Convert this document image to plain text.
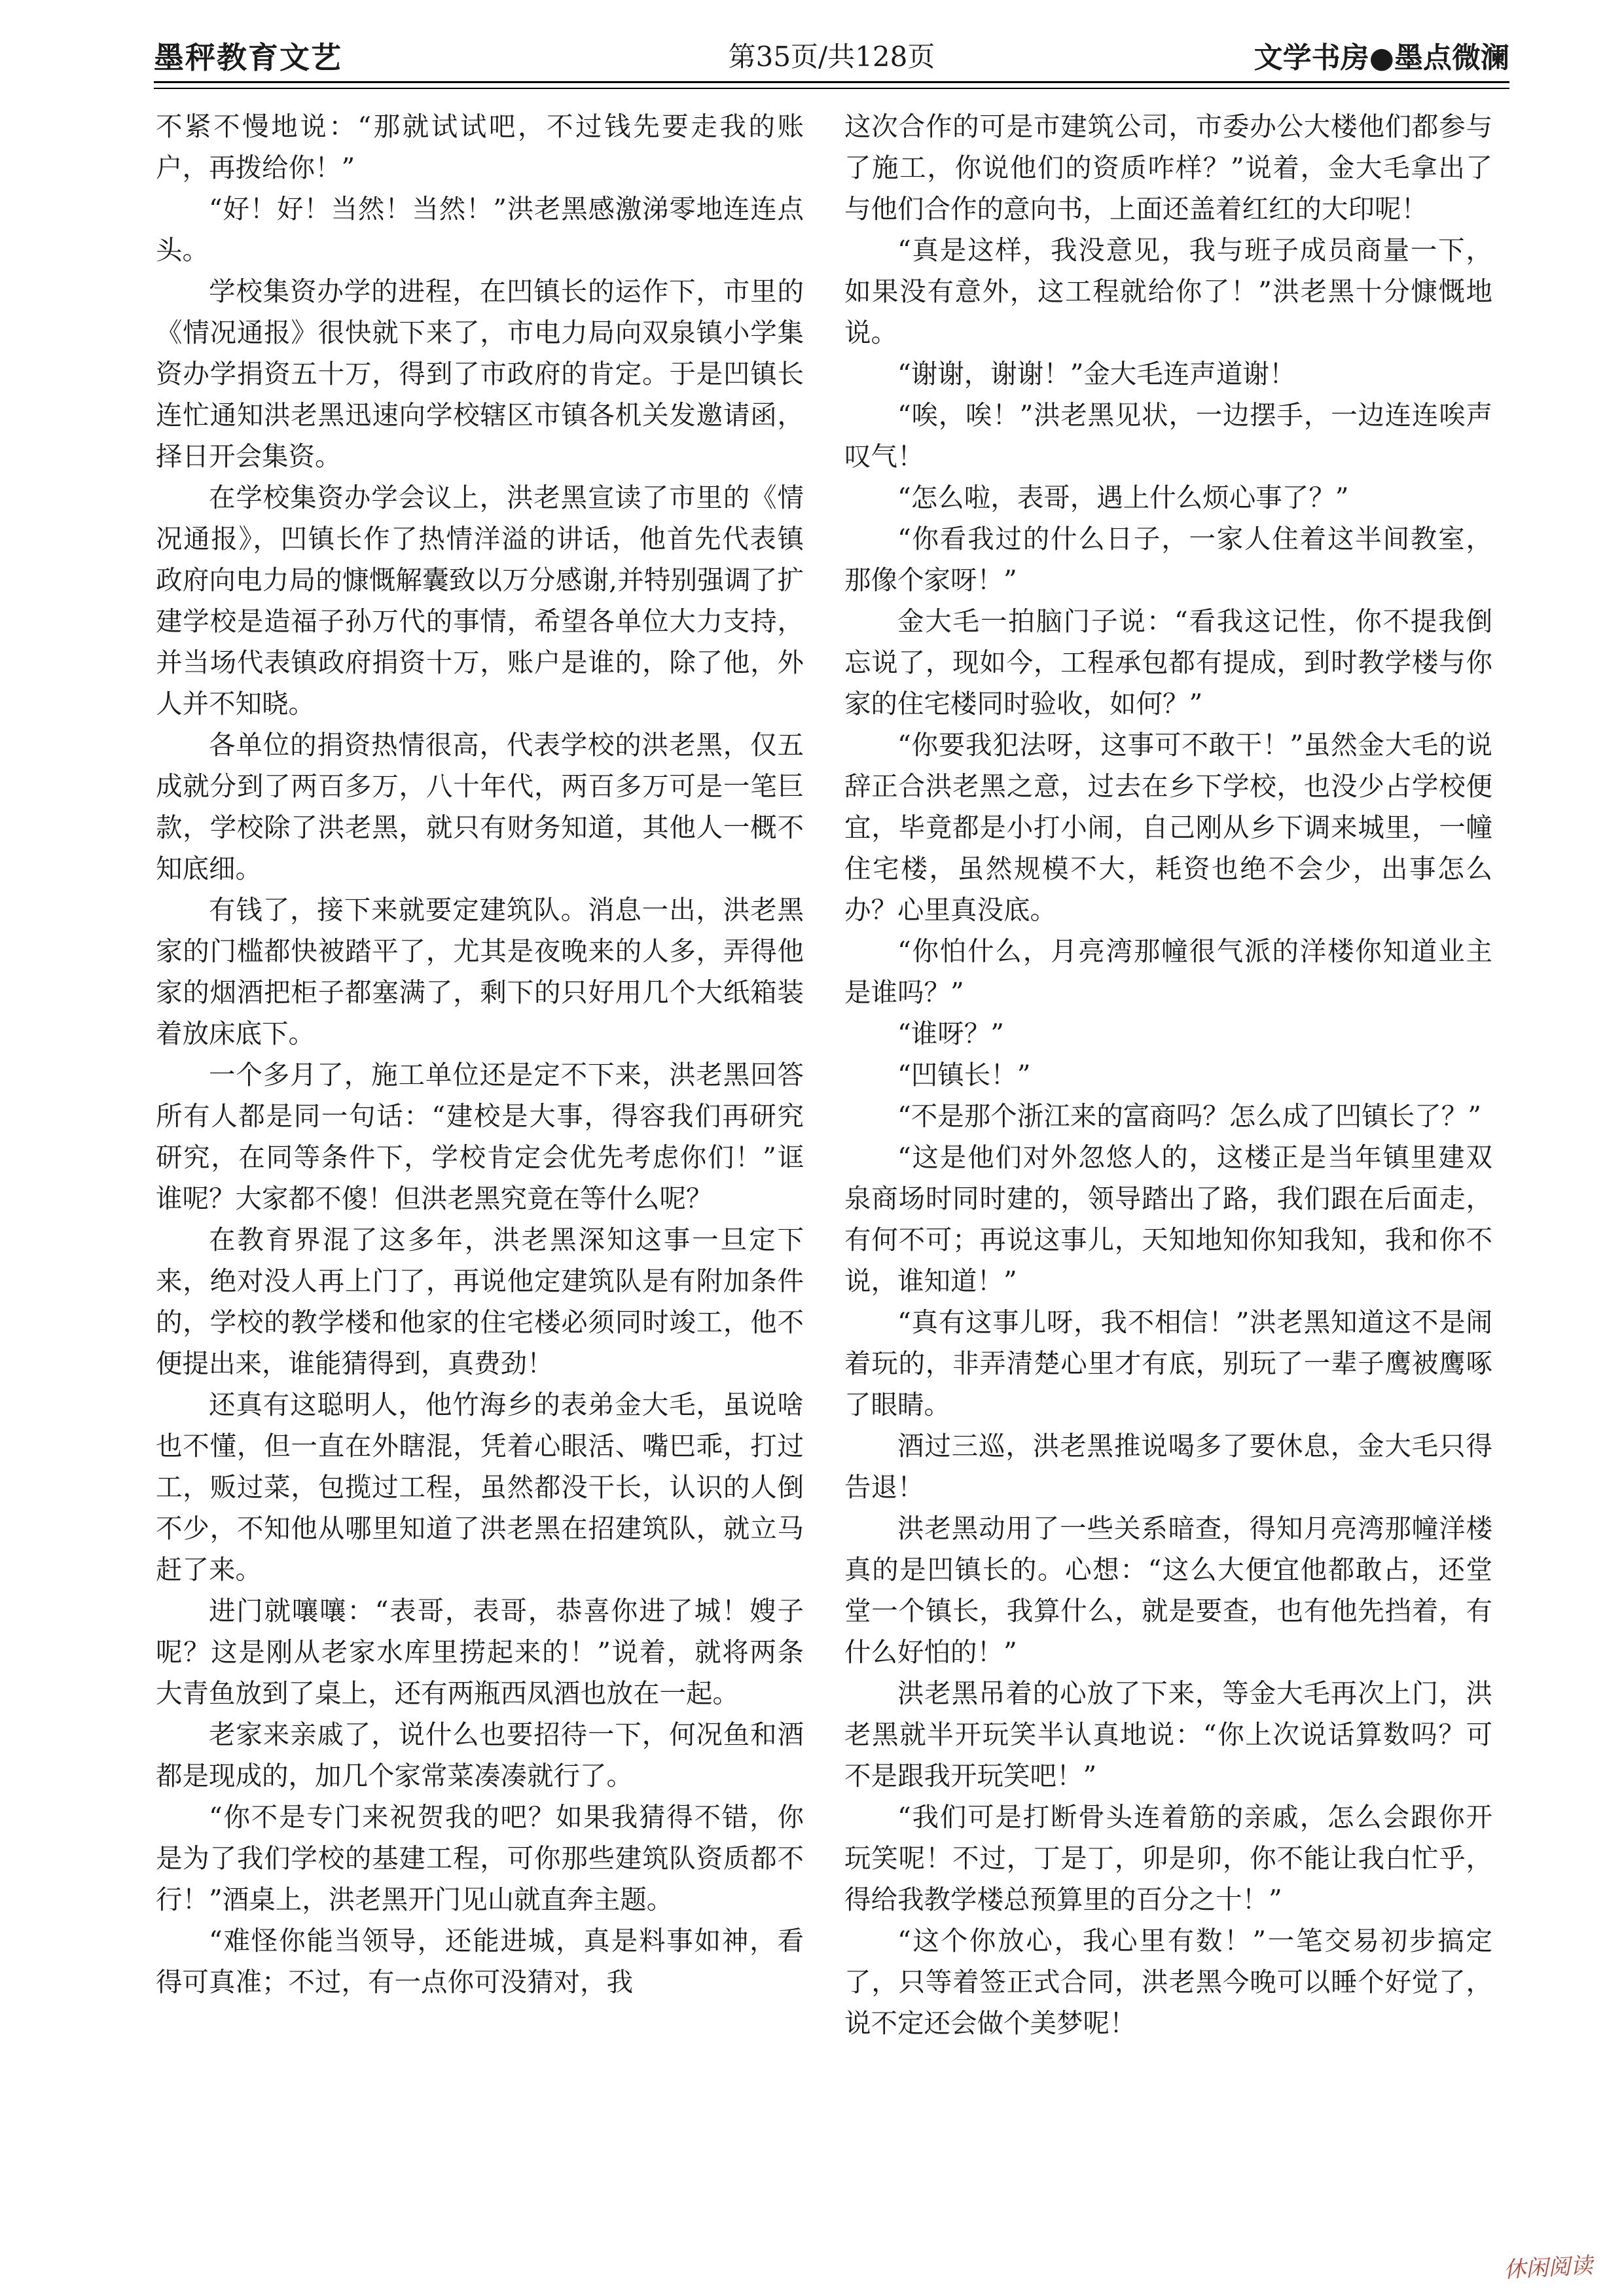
墨秤教育文艺	第35页/共128页	文学书房●墨点微澜

不紧不慢地说：“那就试试吧，不过钱先要走我的账户，再拨给你！”

“好！好！当然！当然！”洪老黑感激涕零地连连点头。

学校集资办学的进程，在凹镇长的运作下，市里的《情况通报》很快就下来了，市电力局向双泉镇小学集资办学捐资五十万，得到了市政府的肯定。于是凹镇长连忙通知洪老黑迅速向学校辖区市镇各机关发邀请函，择日开会集资。

在学校集资办学会议上，洪老黑宣读了市里的《情况通报》，凹镇长作了热情洋溢的讲话，他首先代表镇政府向电力局的慷慨解囊致以万分感谢,并特别强调了扩建学校是造福子孙万代的事情，希望各单位大力支持，并当场代表镇政府捐资十万，账户是谁的，除了他，外人并不知晓。

各单位的捐资热情很高，代表学校的洪老黑，仅五成就分到了两百多万，八十年代，两百多万可是一笔巨款，学校除了洪老黑，就只有财务知道，其他人一概不知底细。

有钱了，接下来就要定建筑队。消息一出，洪老黑家的门槛都快被踏平了，尤其是夜晚来的人多，弄得他家的烟酒把柜子都塞满了，剩下的只好用几个大纸箱装着放床底下。

一个多月了，施工单位还是定不下来，洪老黑回答所有人都是同一句话：“建校是大事，得容我们再研究研究，在同等条件下，学校肯定会优先考虑你们！”诓谁呢？大家都不傻！但洪老黑究竟在等什么呢？

在教育界混了这多年，洪老黑深知这事一旦定下来，绝对没人再上门了，再说他定建筑队是有附加条件的，学校的教学楼和他家的住宅楼必须同时竣工，他不便提出来，谁能猜得到，真费劲！

还真有这聪明人，他竹海乡的表弟金大毛，虽说啥也不懂，但一直在外瞎混，凭着心眼活、嘴巴乖，打过工，贩过菜，包揽过工程，虽然都没干长，认识的人倒不少，不知他从哪里知道了洪老黑在招建筑队，就立马赶了来。

进门就嚷嚷：“表哥，表哥，恭喜你进了城！嫂子呢？这是刚从老家水库里捞起来的！”说着，就将两条大青鱼放到了桌上，还有两瓶西凤酒也放在一起。

老家来亲戚了，说什么也要招待一下，何况鱼和酒都是现成的，加几个家常菜凑凑就行了。

“你不是专门来祝贺我的吧？如果我猜得不错，你是为了我们学校的基建工程，可你那些建筑队资质都不行！”酒桌上，洪老黑开门见山就直奔主题。

“难怪你能当领导，还能进城，真是料事如神，看得可真准；不过，有一点你可没猜对，我

这次合作的可是市建筑公司，市委办公大楼他们都参与了施工，你说他们的资质咋样？”说着，金大毛拿出了与他们合作的意向书，上面还盖着红红的大印呢！

“真是这样，我没意见，我与班子成员商量一下，如果没有意外，这工程就给你了！”洪老黑十分慷慨地说。

“谢谢，谢谢！”金大毛连声道谢！

“唉，唉！”洪老黑见状，一边摆手，一边连连唉声叹气！

“怎么啦，表哥，遇上什么烦心事了？”

“你看我过的什么日子，一家人住着这半间教室，那像个家呀！”

金大毛一拍脑门子说：“看我这记性，你不提我倒忘说了，现如今，工程承包都有提成，到时教学楼与你家的住宅楼同时验收，如何？”

“你要我犯法呀，这事可不敢干！”虽然金大毛的说辞正合洪老黑之意，过去在乡下学校，也没少占学校便宜，毕竟都是小打小闹，自己刚从乡下调来城里，一幢住宅楼，虽然规模不大，耗资也绝不会少，出事怎么办？心里真没底。

“你怕什么，月亮湾那幢很气派的洋楼你知道业主是谁吗？”

“谁呀？”

“凹镇长！”

“不是那个浙江来的富商吗？怎么成了凹镇长了？”

“这是他们对外忽悠人的，这楼正是当年镇里建双泉商场时同时建的，领导踏出了路，我们跟在后面走，有何不可；再说这事儿，天知地知你知我知，我和你不说，谁知道！”

“真有这事儿呀，我不相信！”洪老黑知道这不是闹着玩的，非弄清楚心里才有底，别玩了一辈子鹰被鹰啄了眼睛。

酒过三巡，洪老黑推说喝多了要休息，金大毛只得告退！

洪老黑动用了一些关系暗查，得知月亮湾那幢洋楼真的是凹镇长的。心想：“这么大便宜他都敢占，还堂堂一个镇长，我算什么，就是要查，也有他先挡着，有什么好怕的！”

洪老黑吊着的心放了下来，等金大毛再次上门，洪老黑就半开玩笑半认真地说：“你上次说话算数吗？可不是跟我开玩笑吧！”

“我们可是打断骨头连着筋的亲戚，怎么会跟你开玩笑呢！不过，丁是丁，卯是卯，你不能让我白忙乎，得给我教学楼总预算里的百分之十！”

“这个你放心，我心里有数！”一笔交易初步搞定了，只等着签正式合同，洪老黑今晚可以睡个好觉了，说不定还会做个美梦呢！

休闲阅读
